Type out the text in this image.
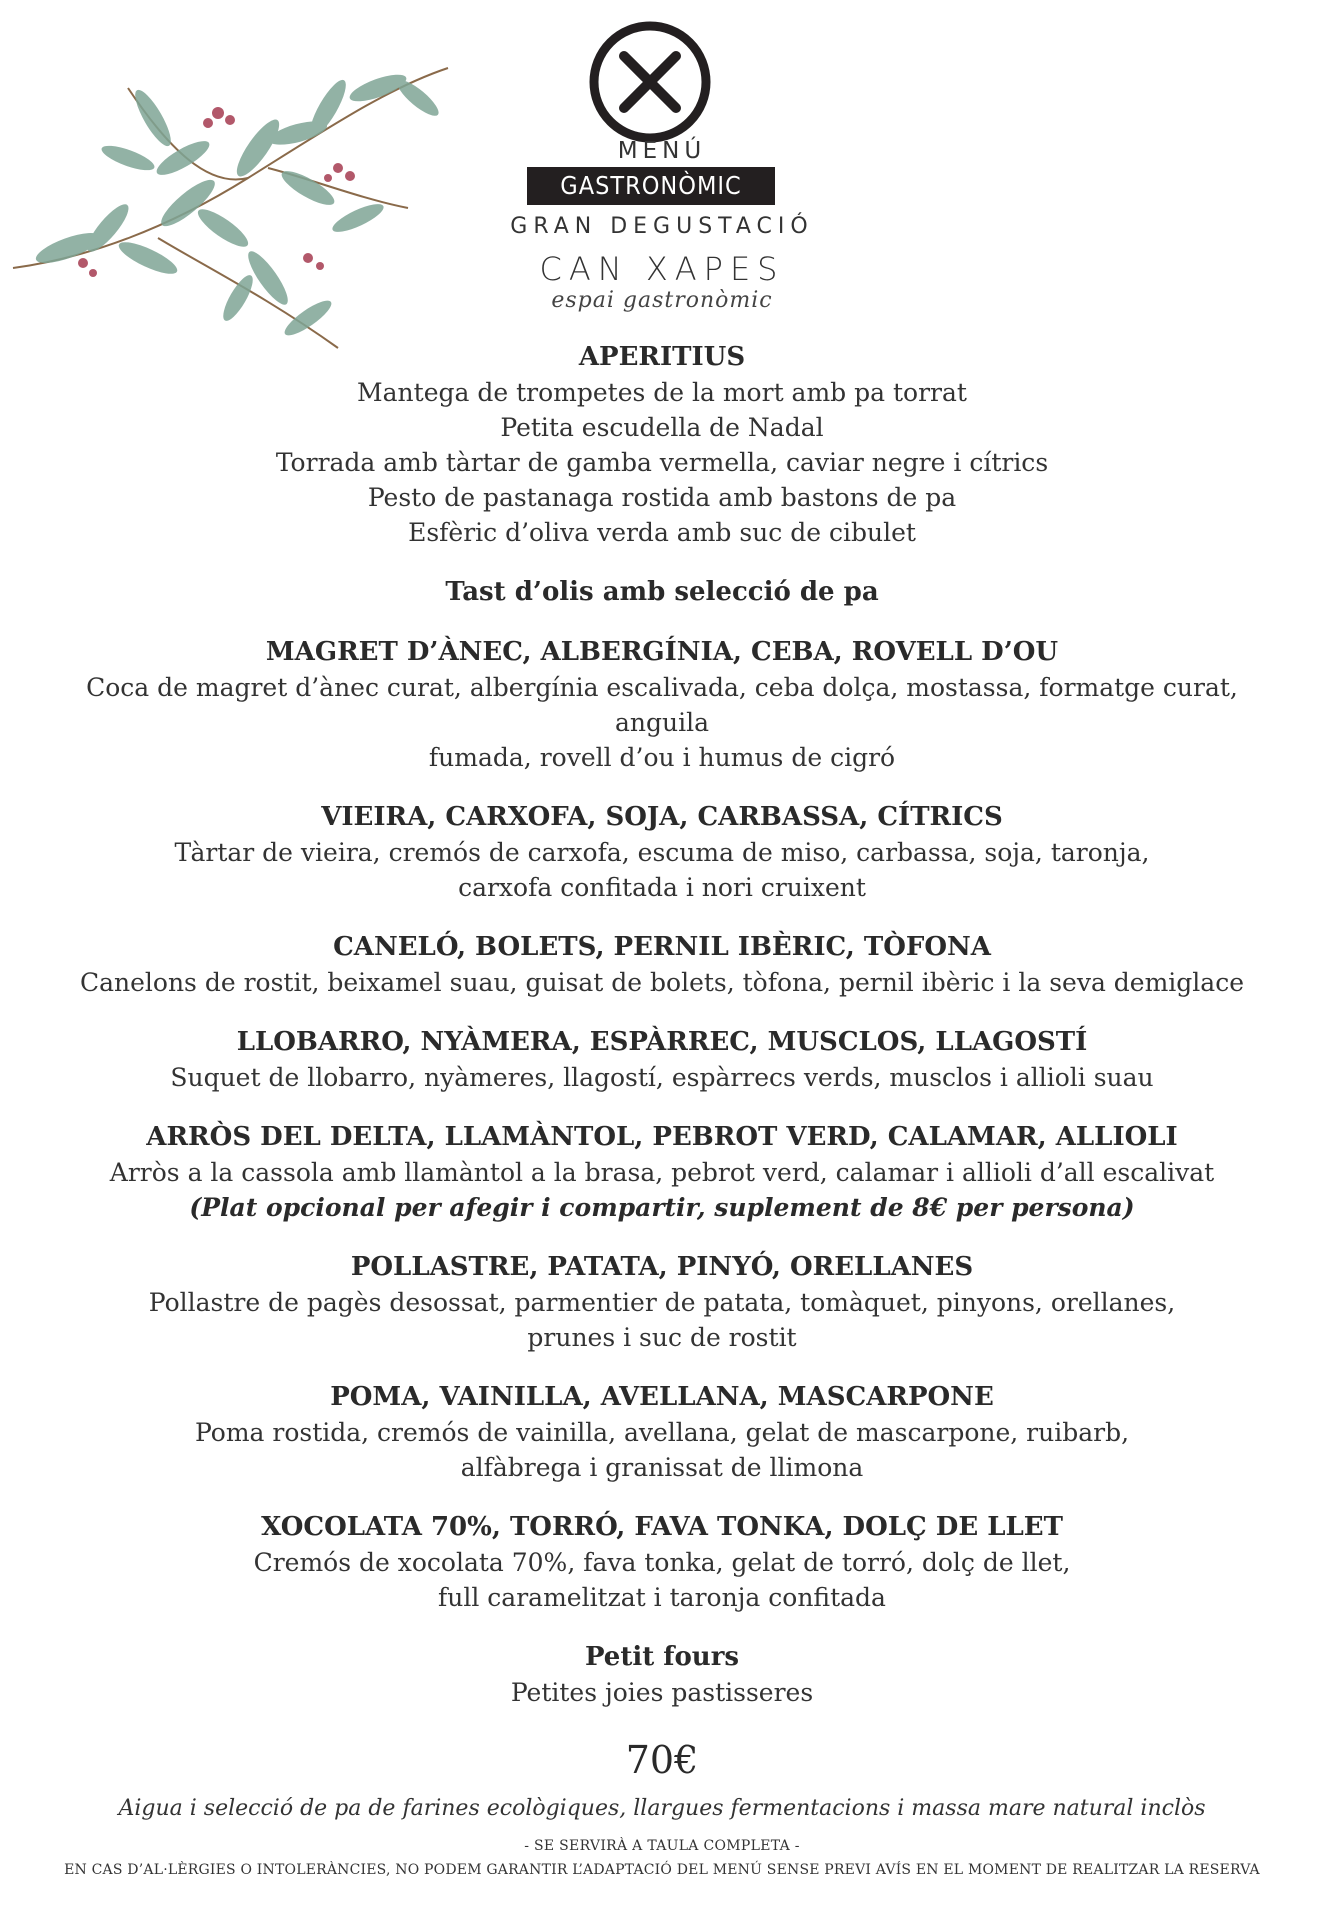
MENÚ
GASTRONÒMIC
GRAN DEGUSTACIÓ
CAN XAPES
espai gastronòmic
APERITIUS
Mantega de trompetes de la mort amb pa torrat
Petita escudella de Nadal
Torrada amb tàrtar de gamba vermella, caviar negre i cítrics
Pesto de pastanaga rostida amb bastons de pa
Esfèric d’oliva verda amb suc de cibulet
Tast d’olis amb selecció de pa
MAGRET D’ÀNEC, ALBERGÍNIA, CEBA, ROVELL D’OU
Coca de magret d’ànec curat, albergínia escalivada, ceba dolça, mostassa, formatge curat, anguila
fumada, rovell d’ou i humus de cigró
VIEIRA, CARXOFA, SOJA, CARBASSA, CÍTRICS
Tàrtar de vieira, cremós de carxofa, escuma de miso, carbassa, soja, taronja,
carxofa confitada i nori cruixent
CANELÓ, BOLETS, PERNIL IBÈRIC, TÒFONA
Canelons de rostit, beixamel suau, guisat de bolets, tòfona, pernil ibèric i la seva demiglace
LLOBARRO, NYÀMERA, ESPÀRREC, MUSCLOS, LLAGOSTÍ
Suquet de llobarro, nyàmeres, llagostí, espàrrecs verds, musclos i allioli suau
ARRÒS DEL DELTA, LLAMÀNTOL, PEBROT VERD, CALAMAR, ALLIOLI
Arròs a la cassola amb llamàntol a la brasa, pebrot verd, calamar i allioli d’all escalivat
(Plat opcional per afegir i compartir, suplement de 8€ per persona)
POLLASTRE, PATATA, PINYÓ, ORELLANES
Pollastre de pagès desossat, parmentier de patata, tomàquet, pinyons, orellanes,
prunes i suc de rostit
POMA, VAINILLA, AVELLANA, MASCARPONE
Poma rostida, cremós de vainilla, avellana, gelat de mascarpone, ruibarb,
alfàbrega i granissat de llimona
XOCOLATA 70%, TORRÓ, FAVA TONKA, DOLÇ DE LLET
Cremós de xocolata 70%, fava tonka, gelat de torró, dolç de llet,
full caramelitzat i taronja confitada
Petit fours
Petites joies pastisseres
70€
Aigua i selecció de pa de farines ecològiques, llargues fermentacions i massa mare natural inclòs
- SE SERVIRÀ A TAULA COMPLETA -
EN CAS D’AL·LÈRGIES O INTOLERÀNCIES, NO PODEM GARANTIR L’ADAPTACIÓ DEL MENÚ SENSE PREVI AVÍS EN EL MOMENT DE REALITZAR LA RESERVA
